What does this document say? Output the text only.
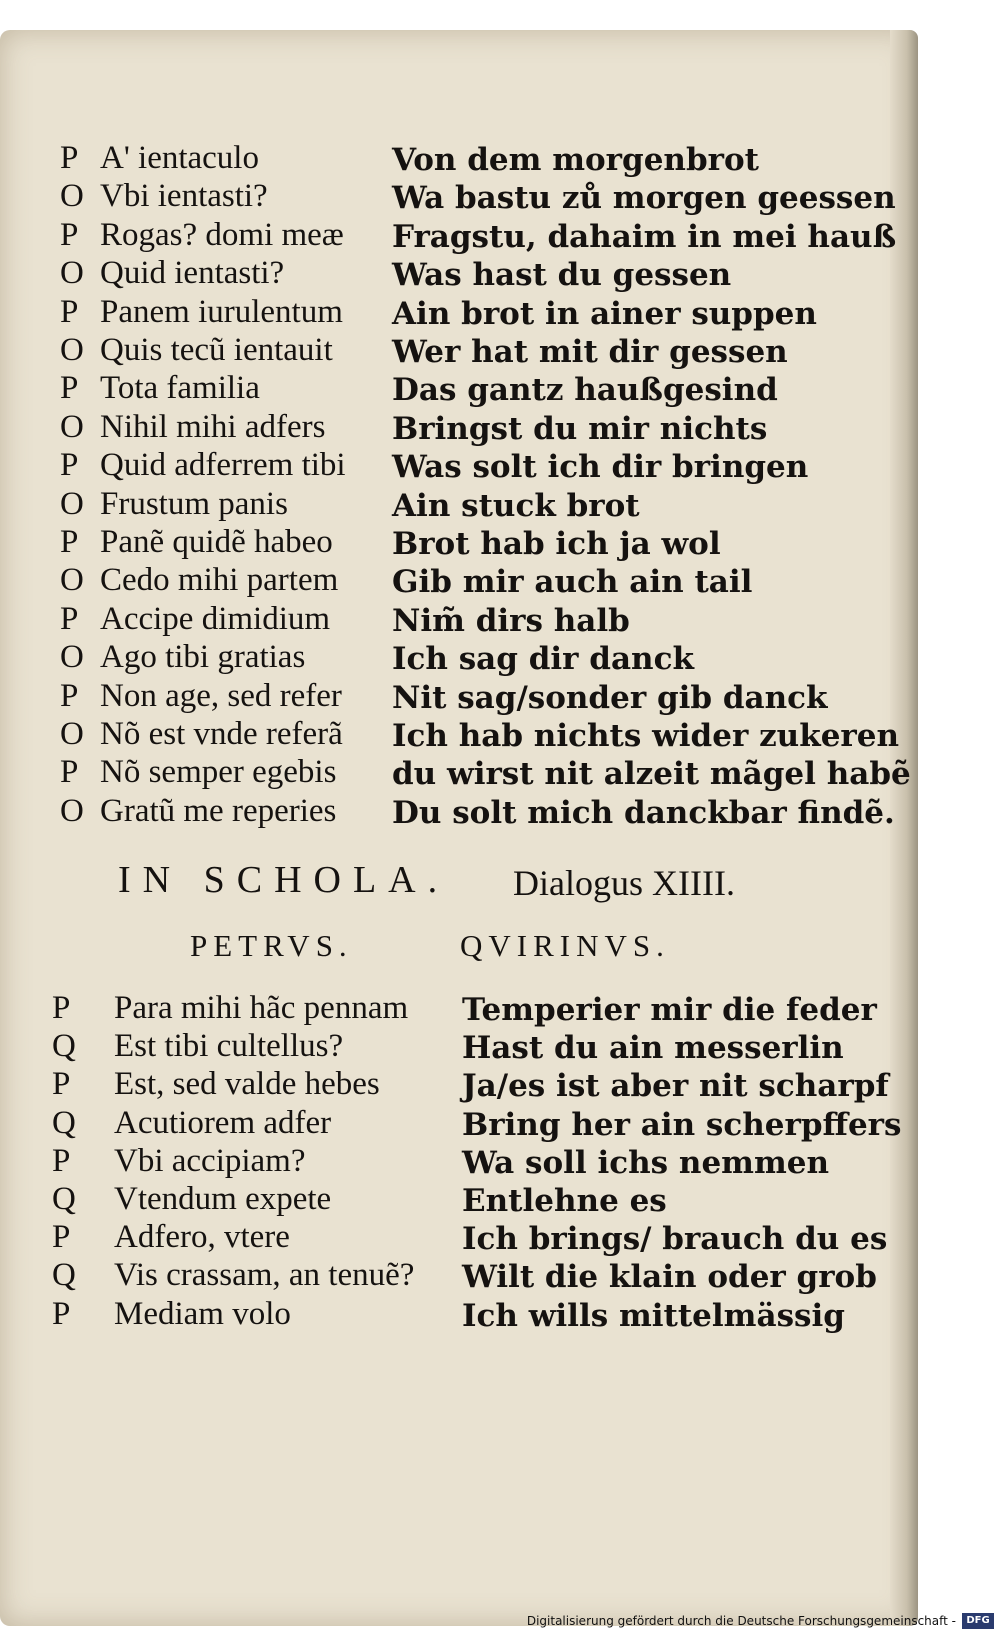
P A' ientaculo
O Vbi ientasti?
P Rogas? domi meæ
O Quid ientasti?
P Panem iurulentum
O Quis tecũ ientauit
P Tota familia
O Nihil mihi adfers
P Quid adferrem tibi
O Frustum panis
P Panẽ quidẽ habeo
O Cedo mihi partem
P Accipe dimidium
O Ago tibi gratias
P Non age, sed refer
O Nõ est vnde referã
P Nõ semper egebis
O Gratũ me reperies
Von dem morgenbrot
Wa bastu zů morgen geessen
Fragstu, dahaim in mei hauß
Was hast du gessen
Ain brot in ainer suppen
Wer hat mit dir gessen
Das gantz haußgesind
Bringst du mir nichts
Was solt ich dir bringen
Ain stuck brot
Brot hab ich ja wol
Gib mir auch ain tail
Nim̃ dirs halb
Ich sag dir danck
Nit sag/sonder gib danck
Ich hab nichts wider zukeren
du wirst nit alzeit mãgel habẽ
Du solt mich danckbar findẽ.
IN SCHOLA. Dialogus XIIII.
PETRVS.	QVIRINVS.
P Para mihi hãc pennam
Q Est tibi cultellus?
P Est, sed valde hebes
Q Acutiorem adfer
P Vbi accipiam?
Q Vtendum expete
P Adfero, vtere
Q Vis crassam, an tenuẽ?
P Mediam volo
Temperier mir die feder
Hast du ain messerlin
Ja/es ist aber nit scharpf
Bring her ain scherpffers
Wa soll ichs nemmen
Entlehne es
Ich brings/ brauch du es
Wilt die klain oder grob
Ich wills mittelmässig
Digitalisierung gefördert durch die Deutsche Forschungsgemeinschaft -	DFG
